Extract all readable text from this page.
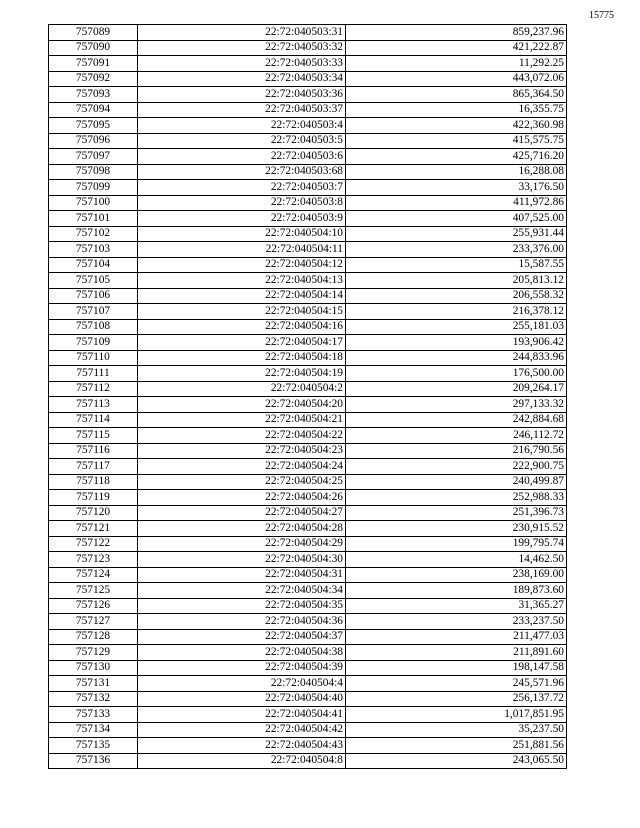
15775
757089	22:72:040503:31	859,237.96
757090	22:72:040503:32	421,222.87
757091	22:72:040503:33	11,292.25
757092	22:72:040503:34	443,072.06
757093	22:72:040503:36	865,364.50
757094	22:72:040503:37	16,355.75
757095	22:72:040503:4	422,360.98
757096	22:72:040503:5	415,575.75
757097	22:72:040503:6	425,716.20
757098	22:72:040503:68	16,288.08
757099	22:72:040503:7	33,176.50
757100	22:72:040503:8	411,972.86
757101	22:72:040503:9	407,525.00
757102	22:72:040504:10	255,931.44
757103	22:72:040504:11	233,376.00
757104	22:72:040504:12	15,587.55
757105	22:72:040504:13	205,813.12
757106	22:72:040504:14	206,558.32
757107	22:72:040504:15	216,378.12
757108	22:72:040504:16	255,181.03
757109	22:72:040504:17	193,906.42
757110	22:72:040504:18	244,833.96
757111	22:72:040504:19	176,500.00
757112	22:72:040504:2	209,264.17
757113	22:72:040504:20	297,133.32
757114	22:72:040504:21	242,884.68
757115	22:72:040504:22	246,112.72
757116	22:72:040504:23	216,790.56
757117	22:72:040504:24	222,900.75
757118	22:72:040504:25	240,499.87
757119	22:72:040504:26	252,988.33
757120	22:72:040504:27	251,396.73
757121	22:72:040504:28	230,915.52
757122	22:72:040504:29	199,795.74
757123	22:72:040504:30	14,462.50
757124	22:72:040504:31	238,169.00
757125	22:72:040504:34	189,873.60
757126	22:72:040504:35	31,365.27
757127	22:72:040504:36	233,237.50
757128	22:72:040504:37	211,477.03
757129	22:72:040504:38	211,891.60
757130	22:72:040504:39	198,147.58
757131	22:72:040504:4	245,571.96
757132	22:72:040504:40	256,137.72
757133	22:72:040504:41	1,017,851.95
757134	22:72:040504:42	35,237.50
757135	22:72:040504:43	251,881.56
757136	22:72:040504:8	243,065.50
